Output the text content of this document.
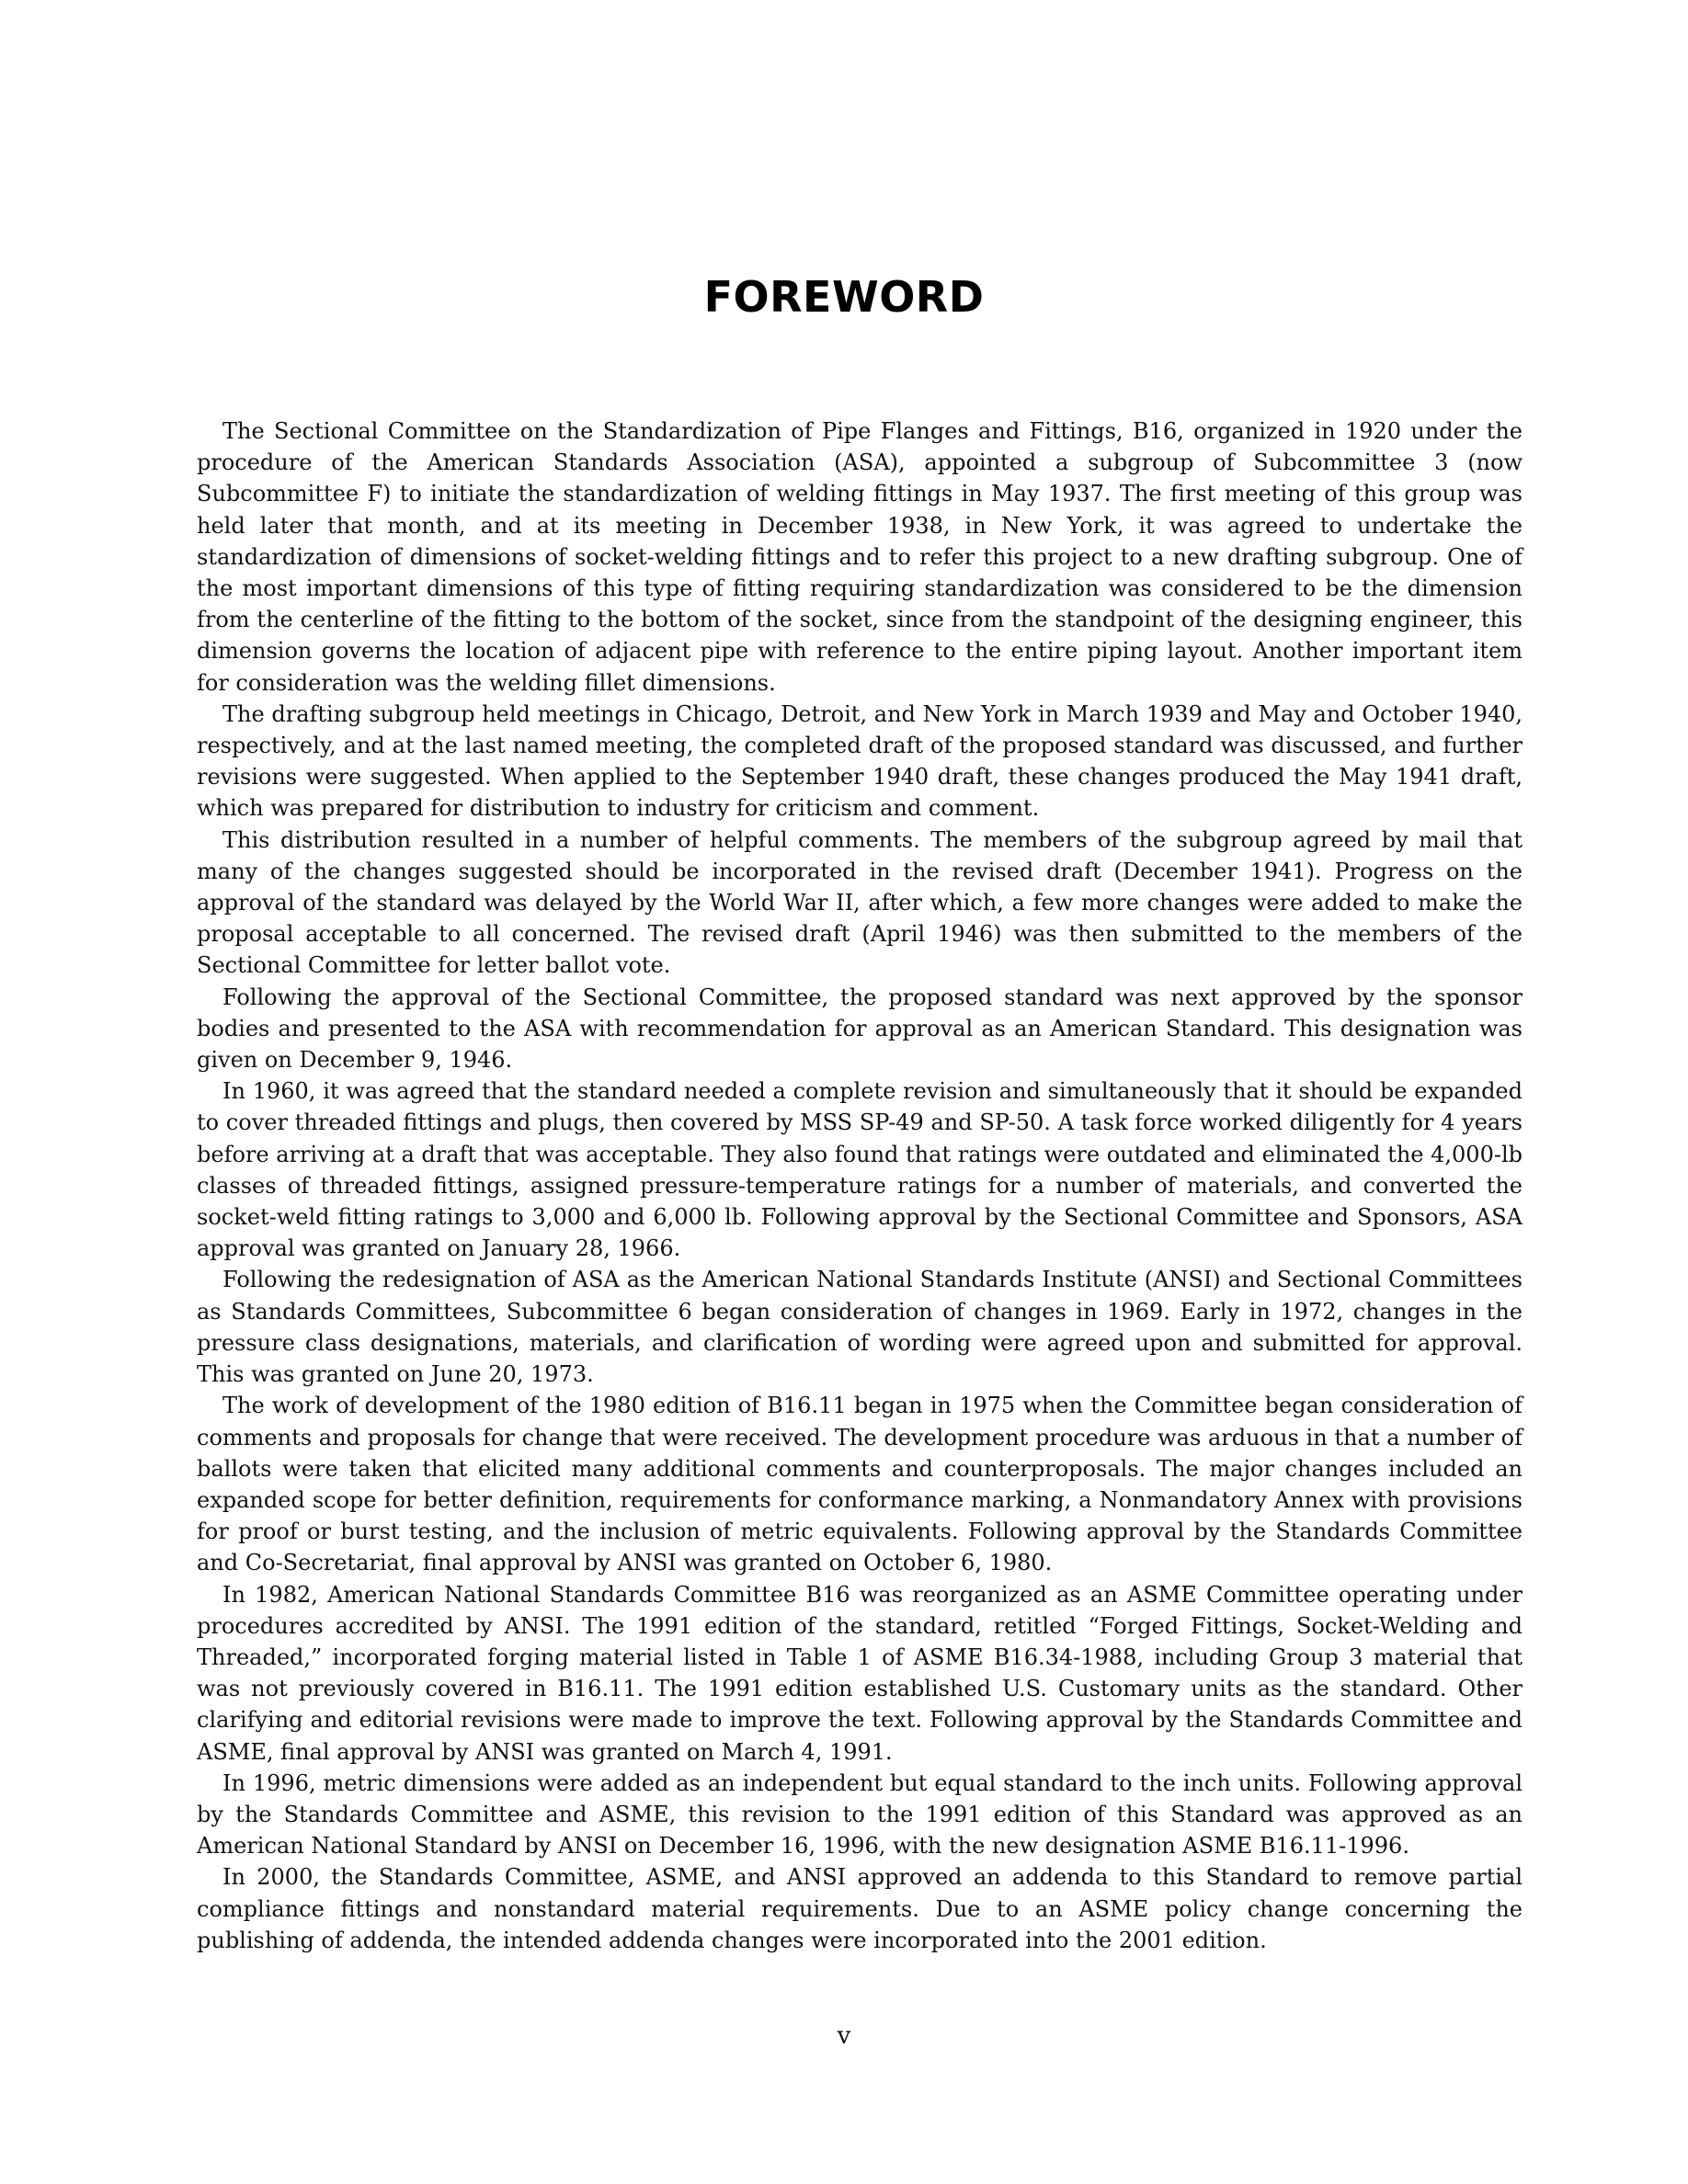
FOREWORD

The Sectional Committee on the Standardization of Pipe Flanges and Fittings, B16, organized in 1920 under the procedure of the American Standards Association (ASA), appointed a subgroup of Subcommittee 3 (now Subcommittee F) to initiate the standardization of welding fittings in May 1937. The first meeting of this group was held later that month, and at its meeting in December 1938, in New York, it was agreed to undertake the standardization of dimensions of socket-welding fittings and to refer this project to a new drafting subgroup. One of the most important dimensions of this type of fitting requiring standardization was considered to be the dimension from the centerline of the fitting to the bottom of the socket, since from the standpoint of the designing engineer, this dimension governs the location of adjacent pipe with reference to the entire piping layout. Another important item for consideration was the welding fillet dimensions.

The drafting subgroup held meetings in Chicago, Detroit, and New York in March 1939 and May and October 1940, respectively, and at the last named meeting, the completed draft of the proposed standard was discussed, and further revisions were suggested. When applied to the September 1940 draft, these changes produced the May 1941 draft, which was prepared for distribution to industry for criticism and comment.

This distribution resulted in a number of helpful comments. The members of the subgroup agreed by mail that many of the changes suggested should be incorporated in the revised draft (December 1941). Progress on the approval of the standard was delayed by the World War II, after which, a few more changes were added to make the proposal acceptable to all concerned. The revised draft (April 1946) was then submitted to the members of the Sectional Committee for letter ballot vote.

Following the approval of the Sectional Committee, the proposed standard was next approved by the sponsor bodies and presented to the ASA with recommendation for approval as an American Standard. This designation was given on December 9, 1946.

In 1960, it was agreed that the standard needed a complete revision and simultaneously that it should be expanded to cover threaded fittings and plugs, then covered by MSS SP-49 and SP-50. A task force worked diligently for 4 years before arriving at a draft that was acceptable. They also found that ratings were outdated and eliminated the 4,000-lb classes of threaded fittings, assigned pressure-temperature ratings for a number of materials, and converted the socket-weld fitting ratings to 3,000 and 6,000 lb. Following approval by the Sectional Committee and Sponsors, ASA approval was granted on January 28, 1966.

Following the redesignation of ASA as the American National Standards Institute (ANSI) and Sectional Committees as Standards Committees, Subcommittee 6 began consideration of changes in 1969. Early in 1972, changes in the pressure class designations, materials, and clarification of wording were agreed upon and submitted for approval. This was granted on June 20, 1973.

The work of development of the 1980 edition of B16.11 began in 1975 when the Committee began consideration of comments and proposals for change that were received. The development procedure was arduous in that a number of ballots were taken that elicited many additional comments and counterproposals. The major changes included an expanded scope for better definition, requirements for conformance marking, a Nonmandatory Annex with provisions for proof or burst testing, and the inclusion of metric equivalents. Following approval by the Standards Committee and Co-Secretariat, final approval by ANSI was granted on October 6, 1980.

In 1982, American National Standards Committee B16 was reorganized as an ASME Committee operating under procedures accredited by ANSI. The 1991 edition of the standard, retitled “Forged Fittings, Socket-Welding and Threaded,” incorporated forging material listed in Table 1 of ASME B16.34-1988, including Group 3 material that was not previously covered in B16.11. The 1991 edition established U.S. Customary units as the standard. Other clarifying and editorial revisions were made to improve the text. Following approval by the Standards Committee and ASME, final approval by ANSI was granted on March 4, 1991.

In 1996, metric dimensions were added as an independent but equal standard to the inch units. Following approval by the Standards Committee and ASME, this revision to the 1991 edition of this Standard was approved as an American National Standard by ANSI on December 16, 1996, with the new designation ASME B16.11-1996.

In 2000, the Standards Committee, ASME, and ANSI approved an addenda to this Standard to remove partial compliance fittings and nonstandard material requirements. Due to an ASME policy change concerning the publishing of addenda, the intended addenda changes were incorporated into the 2001 edition.

v
